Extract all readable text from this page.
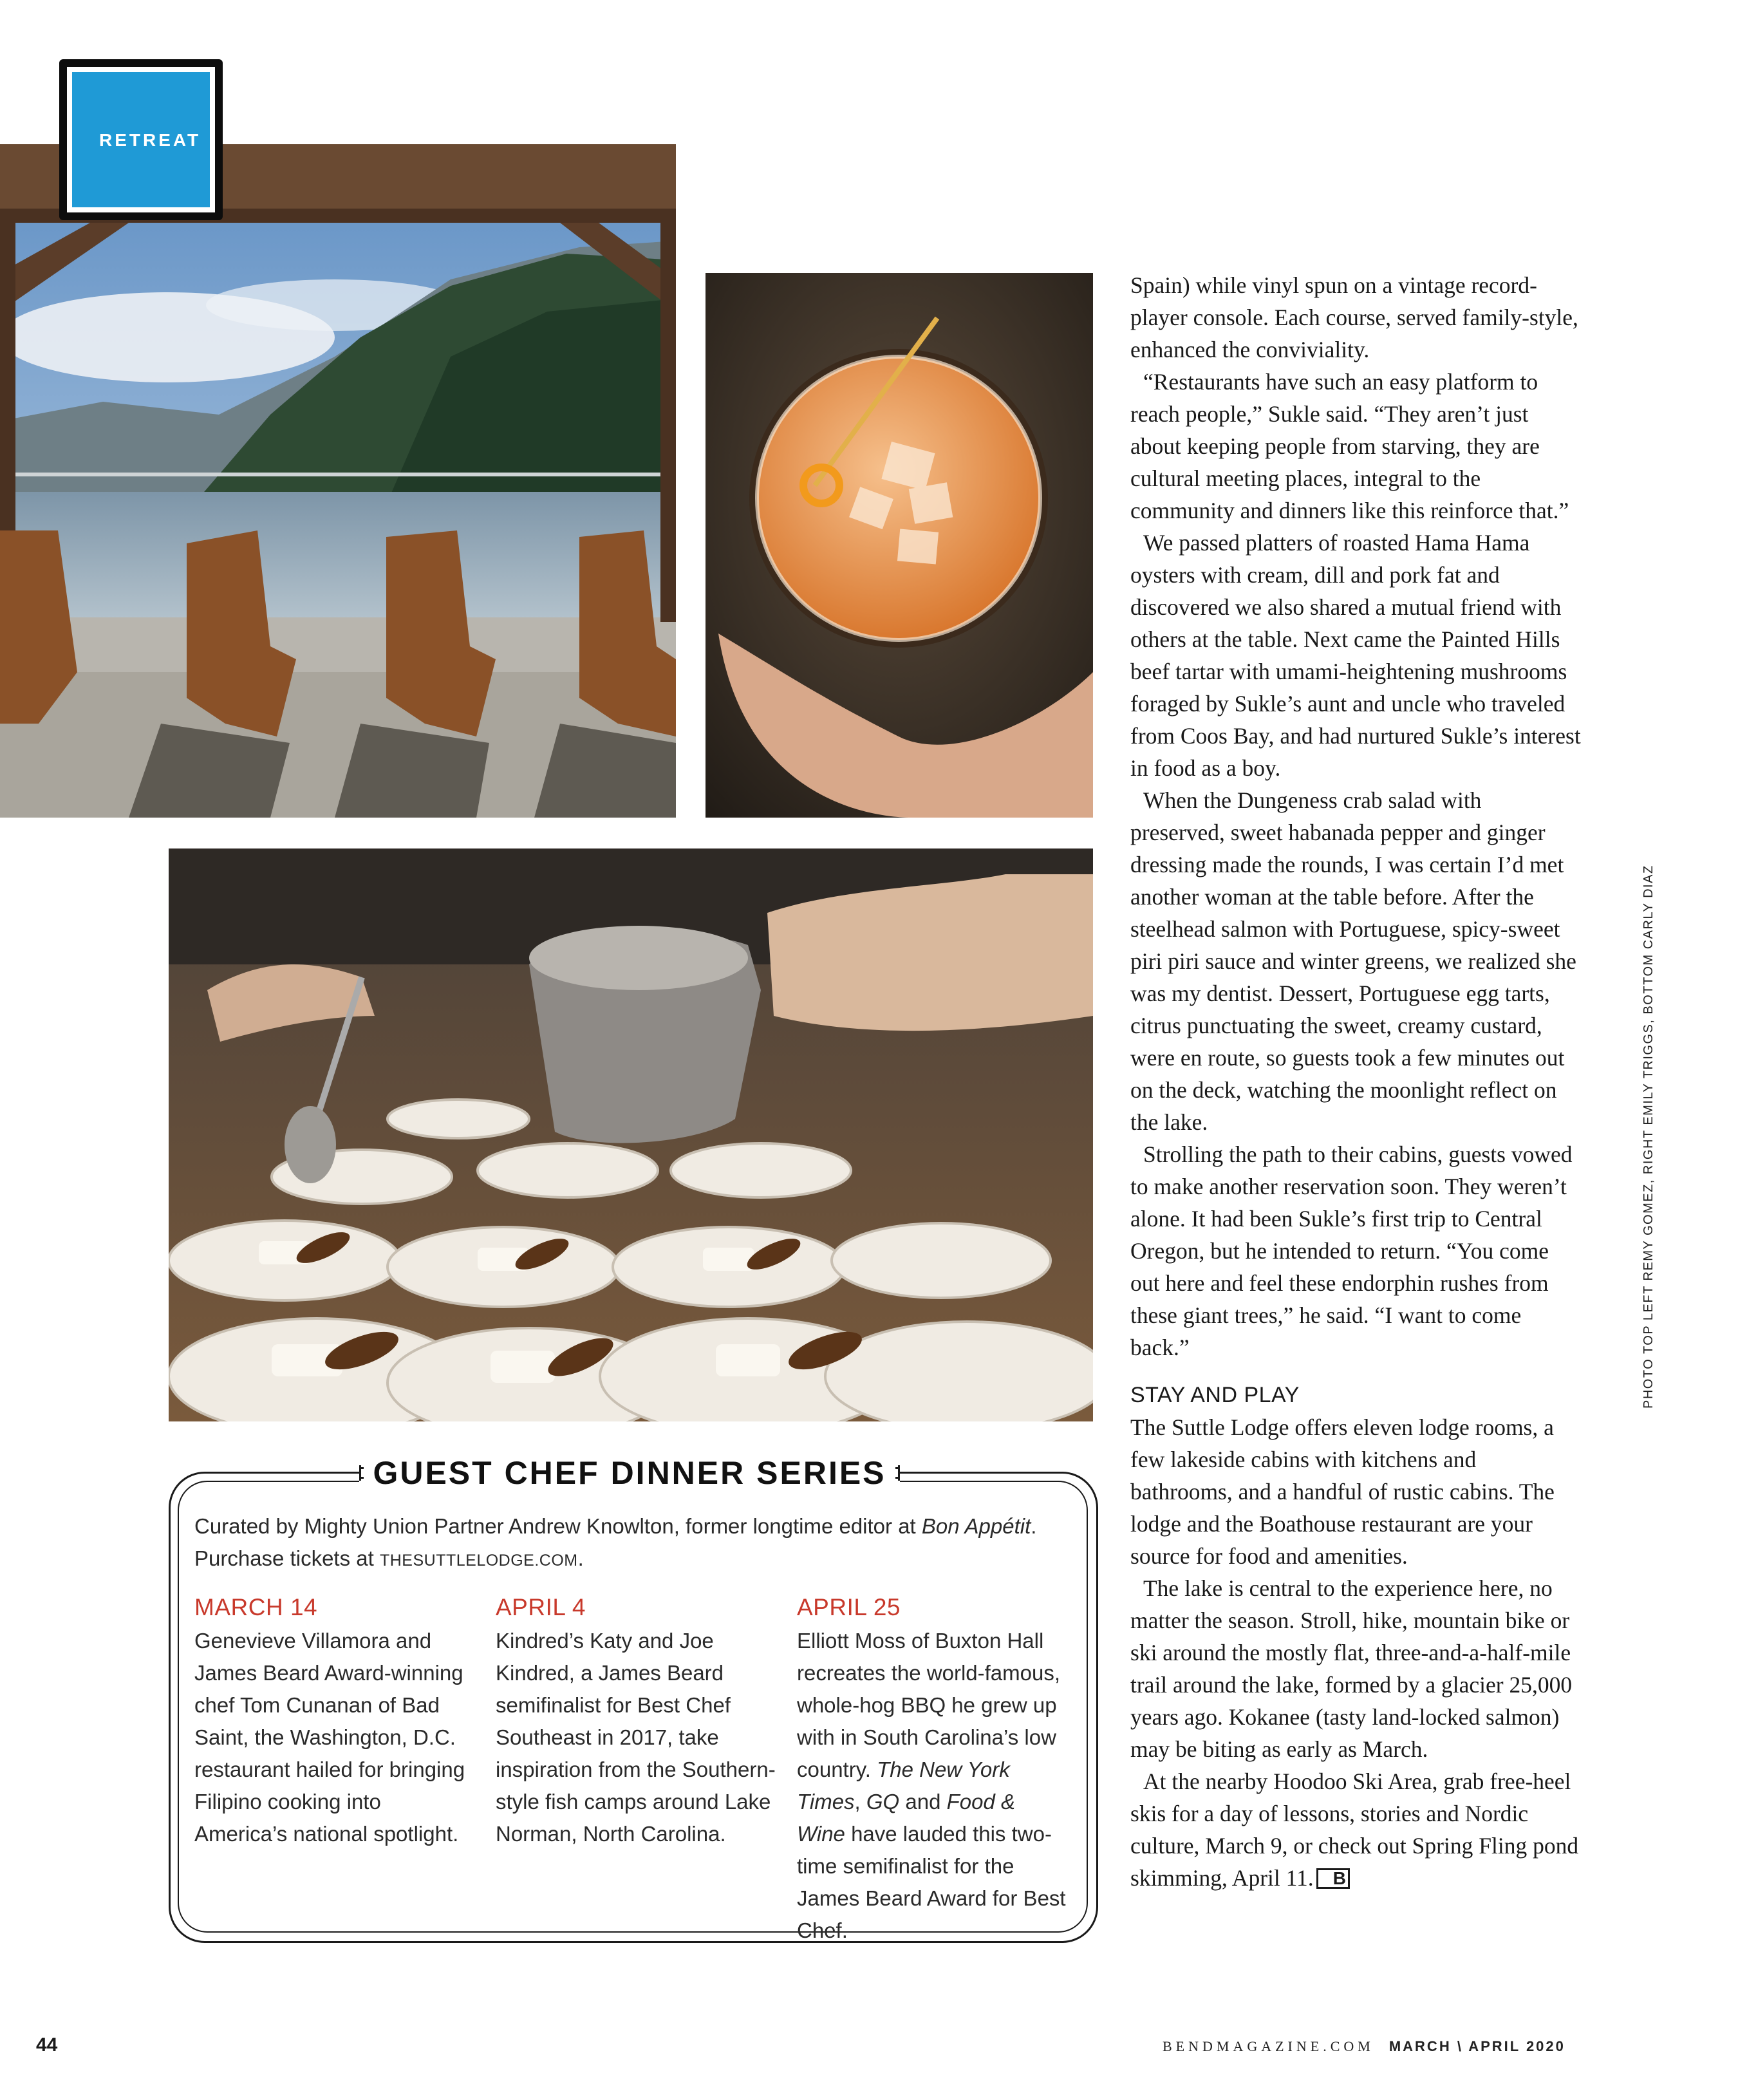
RETREAT

Spain) while vinyl spun on a vintage record-player console. Each course, served family-style, enhanced the conviviality.

“Restaurants have such an easy platform to reach people,” Sukle said. “They aren’t just about keeping people from starving, they are cultural meeting places, integral to the community and dinners like this reinforce that.”

We passed platters of roasted Hama Hama oysters with cream, dill and pork fat and discovered we also shared a mutual friend with others at the table. Next came the Painted Hills beef tartar with umami-heightening mushrooms foraged by Sukle’s aunt and uncle who traveled from Coos Bay, and had nurtured Sukle’s interest in food as a boy.

When the Dungeness crab salad with preserved, sweet habanada pepper and ginger dressing made the rounds, I was certain I’d met another woman at the table before. After the steelhead salmon with Portuguese, spicy-sweet piri piri sauce and winter greens, we realized she was my dentist. Dessert, Portuguese egg tarts, citrus punctuating the sweet, creamy custard, were en route, so guests took a few minutes out on the deck, watching the moonlight reflect on the lake.

Strolling the path to their cabins, guests vowed to make another reservation soon. They weren’t alone. It had been Sukle’s first trip to Central Oregon, but he intended to return. “You come out here and feel these endorphin rushes from these giant trees,” he said. “I want to come back.”

STAY AND PLAY

The Suttle Lodge offers eleven lodge rooms, a few lakeside cabins with kitchens and bathrooms, and a handful of rustic cabins. The lodge and the Boathouse restaurant are your source for food and amenities.

The lake is central to the experience here, no matter the season. Stroll, hike, mountain bike or ski around the mostly flat, three-and-a-half-mile trail around the lake, formed by a glacier 25,000 years ago. Kokanee (tasty land-locked salmon) may be biting as early as March.

At the nearby Hoodoo Ski Area, grab free-heel skis for a day of lessons, stories and Nordic culture, March 9, or check out Spring Fling pond skimming, April 11. B

GUEST CHEF DINNER SERIES
Curated by Mighty Union Partner Andrew Knowlton, former longtime editor at Bon Appétit. Purchase tickets at THESUTTLELODGE.COM.
MARCH 14
Genevieve Villamora and James Beard Award-winning chef Tom Cunanan of Bad Saint, the Washington, D.C. restaurant hailed for bringing Filipino cooking into America’s national spotlight.
APRIL 4
Kindred’s Katy and Joe Kindred, a James Beard semifinalist for Best Chef Southeast in 2017, take inspiration from the Southern-style fish camps around Lake Norman, North Carolina.
APRIL 25
Elliott Moss of Buxton Hall recreates the world-famous, whole-hog BBQ he grew up with in South Carolina’s low country. The New York Times, GQ and Food & Wine have lauded this two-time semifinalist for the James Beard Award for Best Chef.
PHOTO TOP LEFT REMY GOMEZ, RIGHT EMILY TRIGGS, BOTTOM CARLY DIAZ
44	BENDMAGAZINE.COM MARCH \ APRIL 2020
